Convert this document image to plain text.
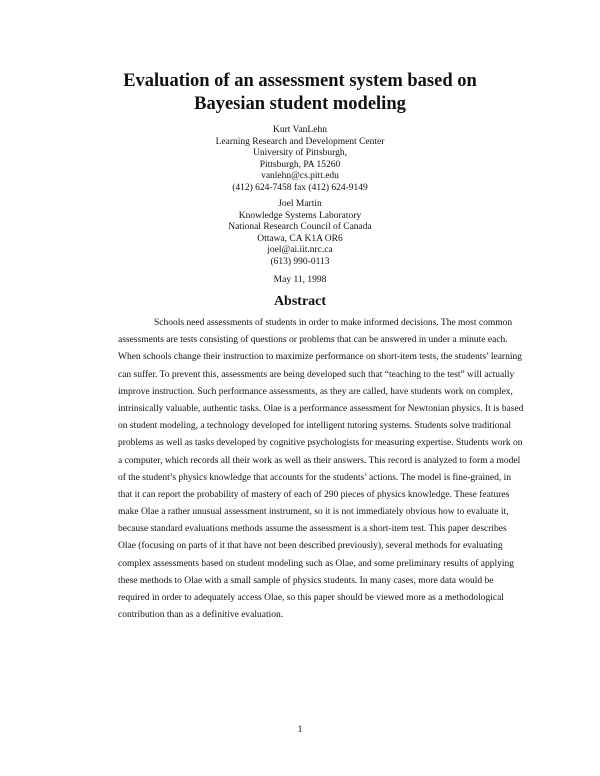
Evaluation of an assessment system based on
Bayesian student modeling
Kurt VanLehn
Learning Research and Development Center
University of Pittsburgh,
Pittsburgh, PA 15260
vanlehn@cs.pitt.edu
(412) 624-7458 fax (412) 624-9149
Joel Martin
Knowledge Systems Laboratory
National Research Council of Canada
Ottawa, CA K1A OR6
joel@ai.iit.nrc.ca
(613) 990-0113
May 11, 1998
Abstract
Schools need assessments of students in order to make informed decisions. The most common
assessments are tests consisting of questions or problems that can be answered in under a minute each.
When schools change their instruction to maximize performance on short-item tests, the students’ learning
can suffer. To prevent this, assessments are being developed such that “teaching to the test” will actually
improve instruction. Such performance assessments, as they are called, have students work on complex,
intrinsically valuable, authentic tasks. Olae is a performance assessment for Newtonian physics. It is based
on student modeling, a technology developed for intelligent tutoring systems. Students solve traditional
problems as well as tasks developed by cognitive psychologists for measuring expertise. Students work on
a computer, which records all their work as well as their answers. This record is analyzed to form a model
of the student’s physics knowledge that accounts for the students’ actions. The model is fine-grained, in
that it can report the probability of mastery of each of 290 pieces of physics knowledge. These features
make Olae a rather unusual assessment instrument, so it is not immediately obvious how to evaluate it,
because standard evaluations methods assume the assessment is a short-item test. This paper describes
Olae (focusing on parts of it that have not been described previously), several methods for evaluating
complex assessments based on student modeling such as Olae, and some preliminary results of applying
these methods to Olae with a small sample of physics students. In many cases, more data would be
required in order to adequately access Olae, so this paper should be viewed more as a methodological
contribution than as a definitive evaluation.
1
